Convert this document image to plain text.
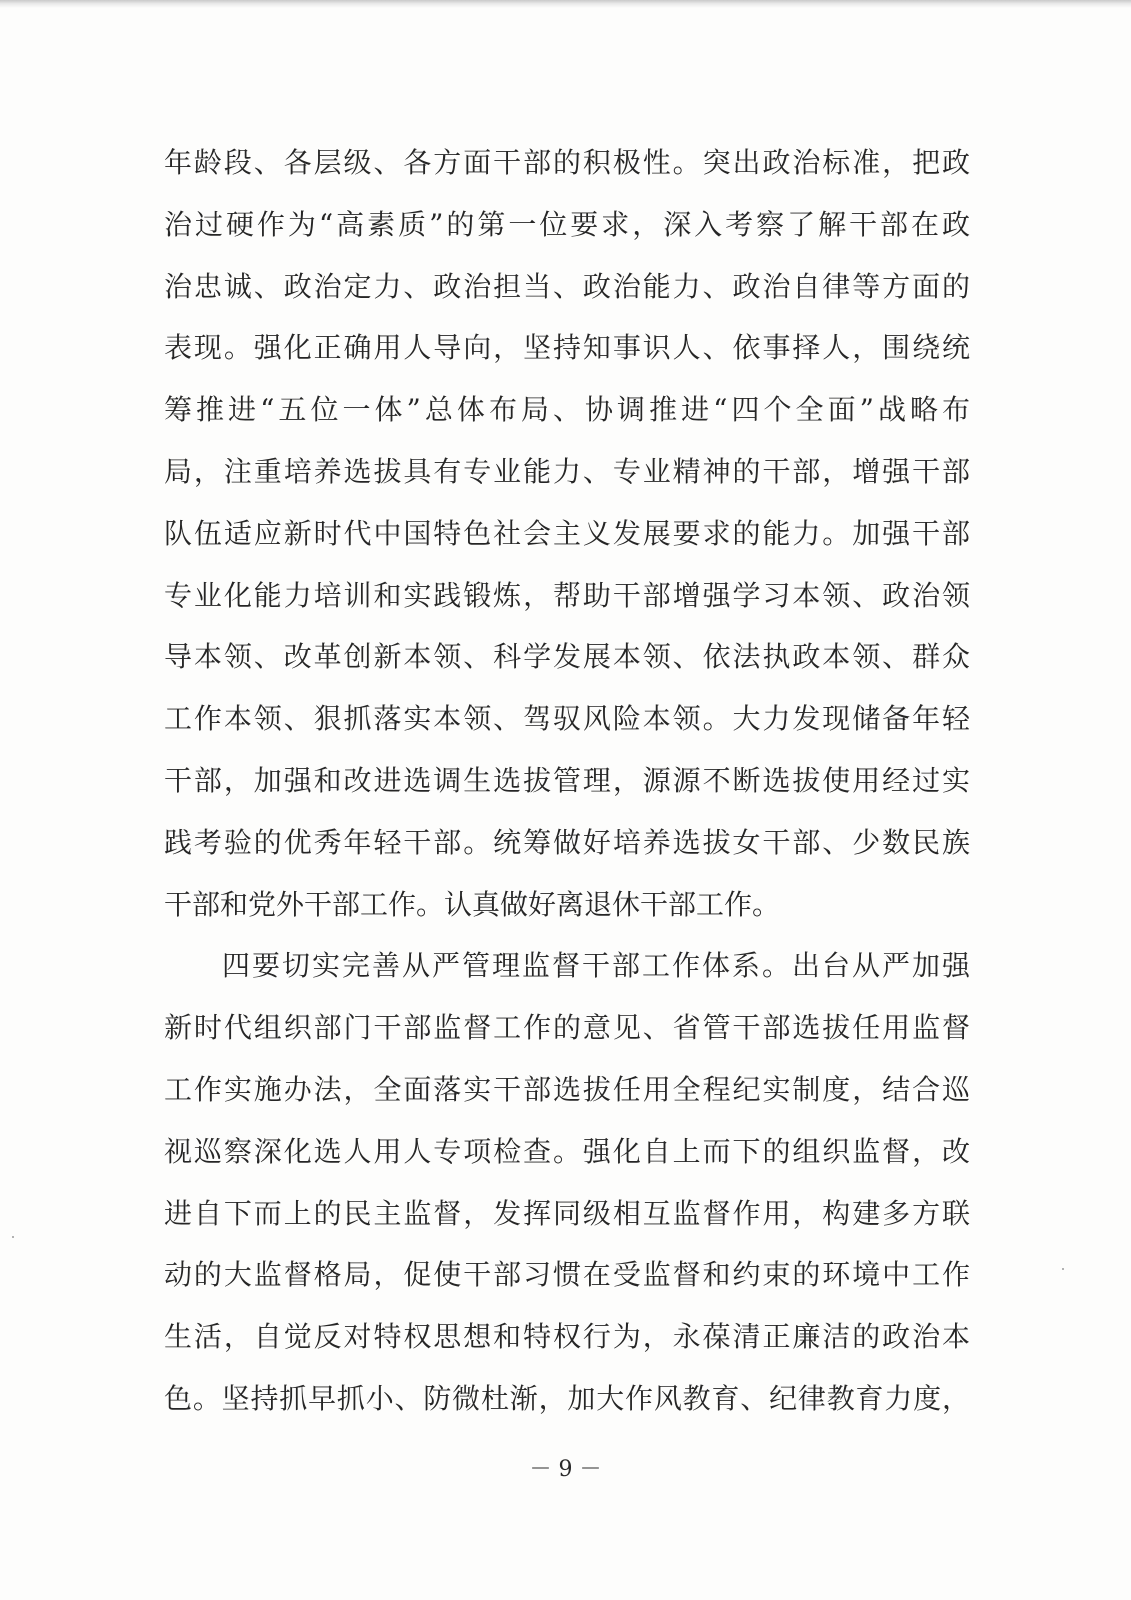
年龄段、各层级、各方面干部的积极性。突出政治标准，把政
治过硬作为“高素质”的第一位要求，深入考察了解干部在政
治忠诚、政治定力、政治担当、政治能力、政治自律等方面的
表现。强化正确用人导向，坚持知事识人、依事择人，围绕统
筹推进“五位一体”总体布局、协调推进“四个全面”战略布
局，注重培养选拔具有专业能力、专业精神的干部，增强干部
队伍适应新时代中国特色社会主义发展要求的能力。加强干部
专业化能力培训和实践锻炼，帮助干部增强学习本领、政治领
导本领、改革创新本领、科学发展本领、依法执政本领、群众
工作本领、狠抓落实本领、驾驭风险本领。大力发现储备年轻
干部，加强和改进选调生选拔管理，源源不断选拔使用经过实
践考验的优秀年轻干部。统筹做好培养选拔女干部、少数民族
干部和党外干部工作。认真做好离退休干部工作。
四要切实完善从严管理监督干部工作体系。出台从严加强
新时代组织部门干部监督工作的意见、省管干部选拔任用监督
工作实施办法，全面落实干部选拔任用全程纪实制度，结合巡
视巡察深化选人用人专项检查。强化自上而下的组织监督，改
进自下而上的民主监督，发挥同级相互监督作用，构建多方联
动的大监督格局，促使干部习惯在受监督和约束的环境中工作
生活，自觉反对特权思想和特权行为，永葆清正廉洁的政治本
色。坚持抓早抓小、防微杜渐，加大作风教育、纪律教育力度，
－ 9 －
